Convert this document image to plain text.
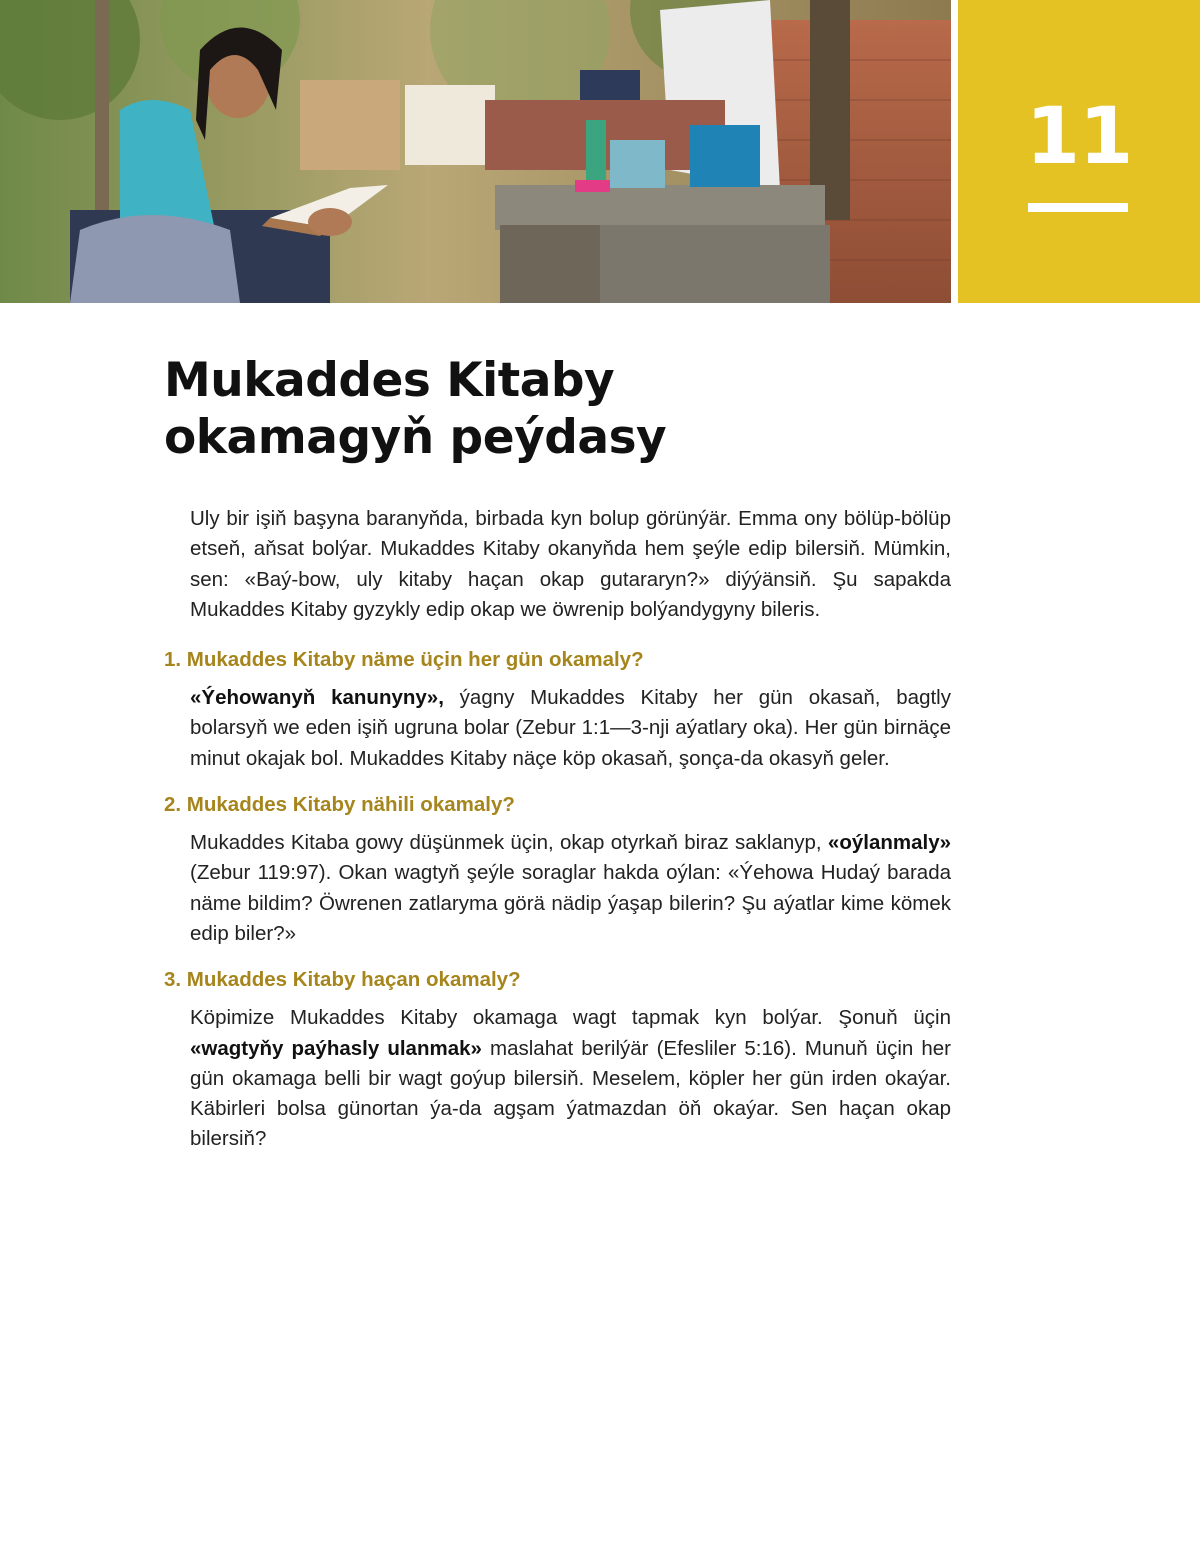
11
Mukaddes Kitaby
okamagyň peýdasy

Uly bir işiň başyna baranyňda, birbada kyn bolup görünýär. Emma ony bölüp-bölüp etseň, aňsat bolýar. Mukaddes Kitaby okanyňda hem şeýle edip bilersiň. Mümkin, sen: «Baý-bow, uly kitaby haçan okap gutararyn?» diýýänsiň. Şu sapakda Mukaddes Kitaby gyzykly edip okap we öwrenip bolýandygyny bileris.

1. Mukaddes Kitaby näme üçin her gün okamaly?

«Ýehowanyň kanunyny», ýagny Mukaddes Kitaby her gün okasaň, bagtly bolarsyň we eden işiň ugruna bolar (Zebur 1:1—3-nji aýatlary oka). Her gün birnäçe minut okajak bol. Mukaddes Kitaby näçe köp okasaň, şonça-da okasyň geler.

2. Mukaddes Kitaby nähili okamaly?

Mukaddes Kitaba gowy düşünmek üçin, okap otyrkaň biraz saklanyp, «oýlanmaly» (Zebur 119:97). Okan wagtyň şeýle soraglar hakda oýlan: «Ýehowa Hudaý barada näme bildim? Öwrenen zatlaryma görä nädip ýaşap bilerin? Şu aýatlar kime kömek edip biler?»

3. Mukaddes Kitaby haçan okamaly?

Köpimize Mukaddes Kitaby okamaga wagt tapmak kyn bolýar. Şonuň üçin «wagtyňy paýhasly ulanmak» maslahat berilýär (Efesliler 5:16). Munuň üçin her gün okamaga belli bir wagt goýup bilersiň. Meselem, köpler her gün irden okaýar. Käbirleri bolsa günortan ýa-da agşam ýatmazdan öň okaýar. Sen haçan okap bilersiň?
